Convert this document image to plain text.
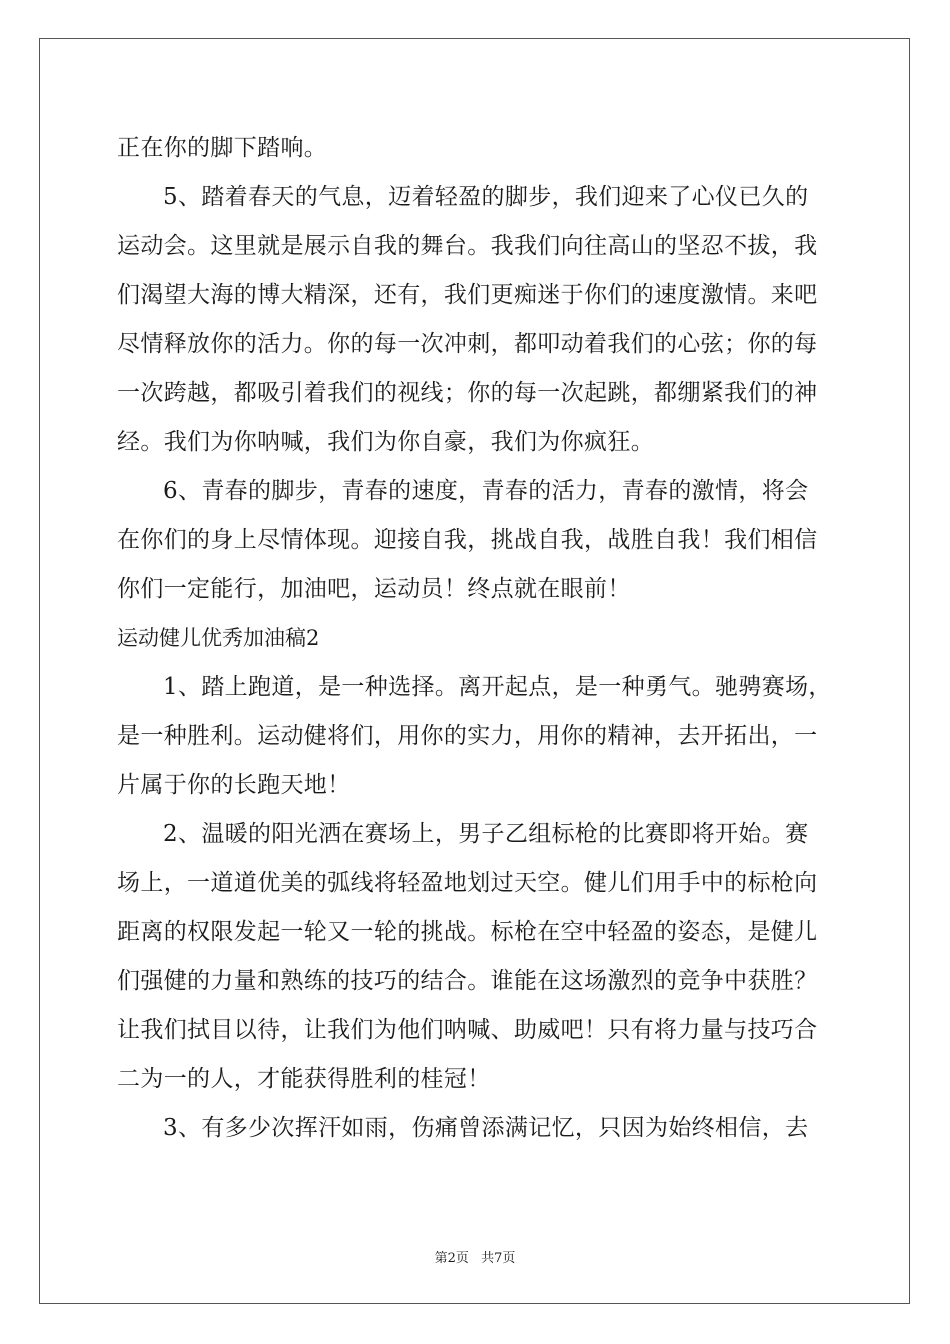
正在你的脚下踏响。
5、踏着春天的气息，迈着轻盈的脚步，我们迎来了心仪已久的
运动会。这里就是展示自我的舞台。我我们向往高山的坚忍不拔，我
们渴望大海的博大精深，还有，我们更痴迷于你们的速度激情。来吧
尽情释放你的活力。你的每一次冲刺，都叩动着我们的心弦；你的每
一次跨越，都吸引着我们的视线；你的每一次起跳，都绷紧我们的神
经。我们为你呐喊，我们为你自豪，我们为你疯狂。
6、青春的脚步，青春的速度，青春的活力，青春的激情，将会
在你们的身上尽情体现。迎接自我，挑战自我，战胜自我！我们相信
你们一定能行，加油吧，运动员！终点就在眼前！
运动健儿优秀加油稿2
1、踏上跑道，是一种选择。离开起点，是一种勇气。驰骋赛场，
是一种胜利。运动健将们，用你的实力，用你的精神，去开拓出，一
片属于你的长跑天地！
2、温暖的阳光洒在赛场上，男子乙组标枪的比赛即将开始。赛
场上，一道道优美的弧线将轻盈地划过天空。健儿们用手中的标枪向
距离的权限发起一轮又一轮的挑战。标枪在空中轻盈的姿态，是健儿
们强健的力量和熟练的技巧的结合。谁能在这场激烈的竞争中获胜？
让我们拭目以待，让我们为他们呐喊、助威吧！只有将力量与技巧合
二为一的人，才能获得胜利的桂冠！
3、有多少次挥汗如雨，伤痛曾添满记忆，只因为始终相信，去
第2页 共7页
